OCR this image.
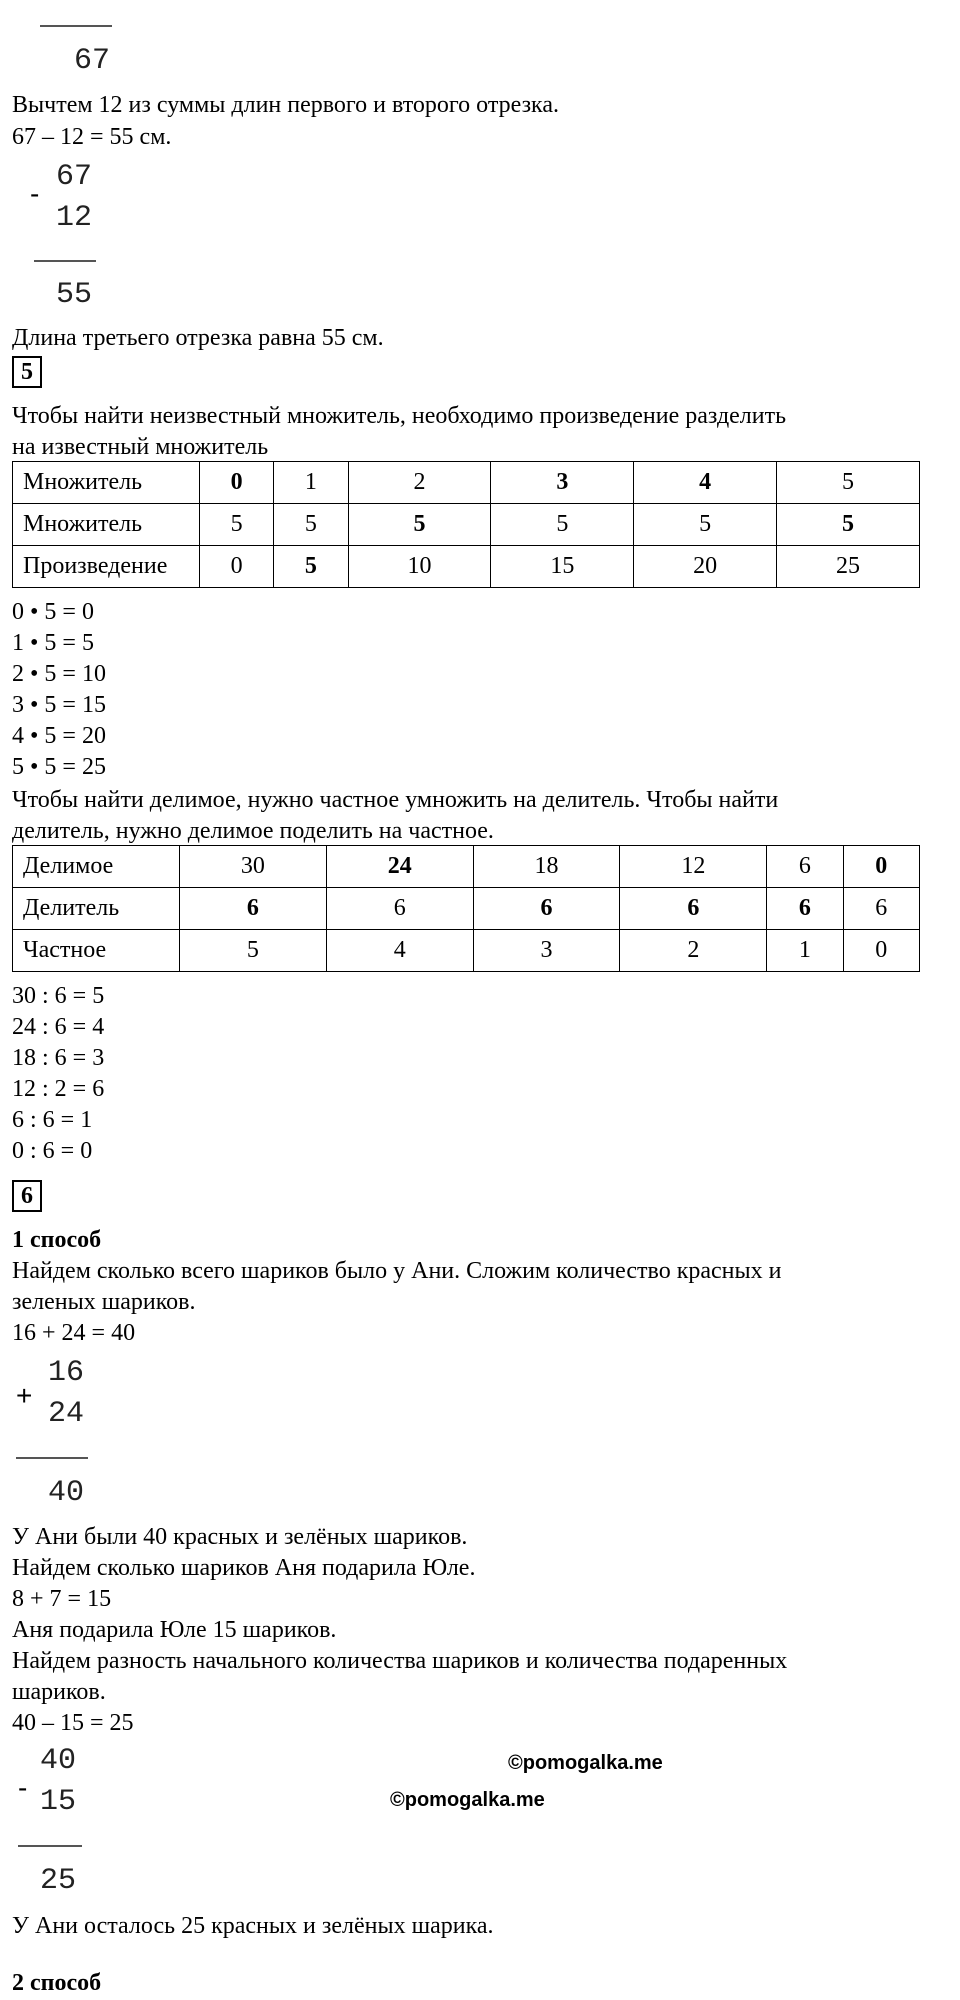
67
Вычтем 12 из суммы длин первого и второго отрезка.
67 – 12 = 55 см.
- 67
12
55
Длина третьего отрезка равна 55 см.
5
Чтобы найти неизвестный множитель, необходимо произведение разделить
на известный множитель
Множитель	0	1	2	3	4	5
Множитель	5	5	5	5	5	5
Произведение	0	5	10	15	20	25
0 • 5 = 0
1 • 5 = 5
2 • 5 = 10
3 • 5 = 15
4 • 5 = 20
5 • 5 = 25
Чтобы найти делимое, нужно частное умножить на делитель. Чтобы найти
делитель, нужно делимое поделить на частное.
Делимое	30	24	18	12	6	0
Делитель	6	6	6	6	6	6
Частное	5	4	3	2	1	0
30 : 6 = 5
24 : 6 = 4
18 : 6 = 3
12 : 2 = 6
6 : 6 = 1
0 : 6 = 0
6
1 способ
Найдем сколько всего шариков было у Ани. Сложим количество красных и
зеленых шариков.
16 + 24 = 40
+
16
24
40
У Ани были 40 красных и зелёных шариков.
Найдем сколько шариков Аня подарила Юле.
8 + 7 = 15
Аня подарила Юле 15 шариков.
Найдем разность начального количества шариков и количества подаренных
шариков.
40 – 15 = 25
-
40
15
25
У Ани осталось 25 красных и зелёных шарика.
2 способ
©pomogalka.me
©pomogalka.me
